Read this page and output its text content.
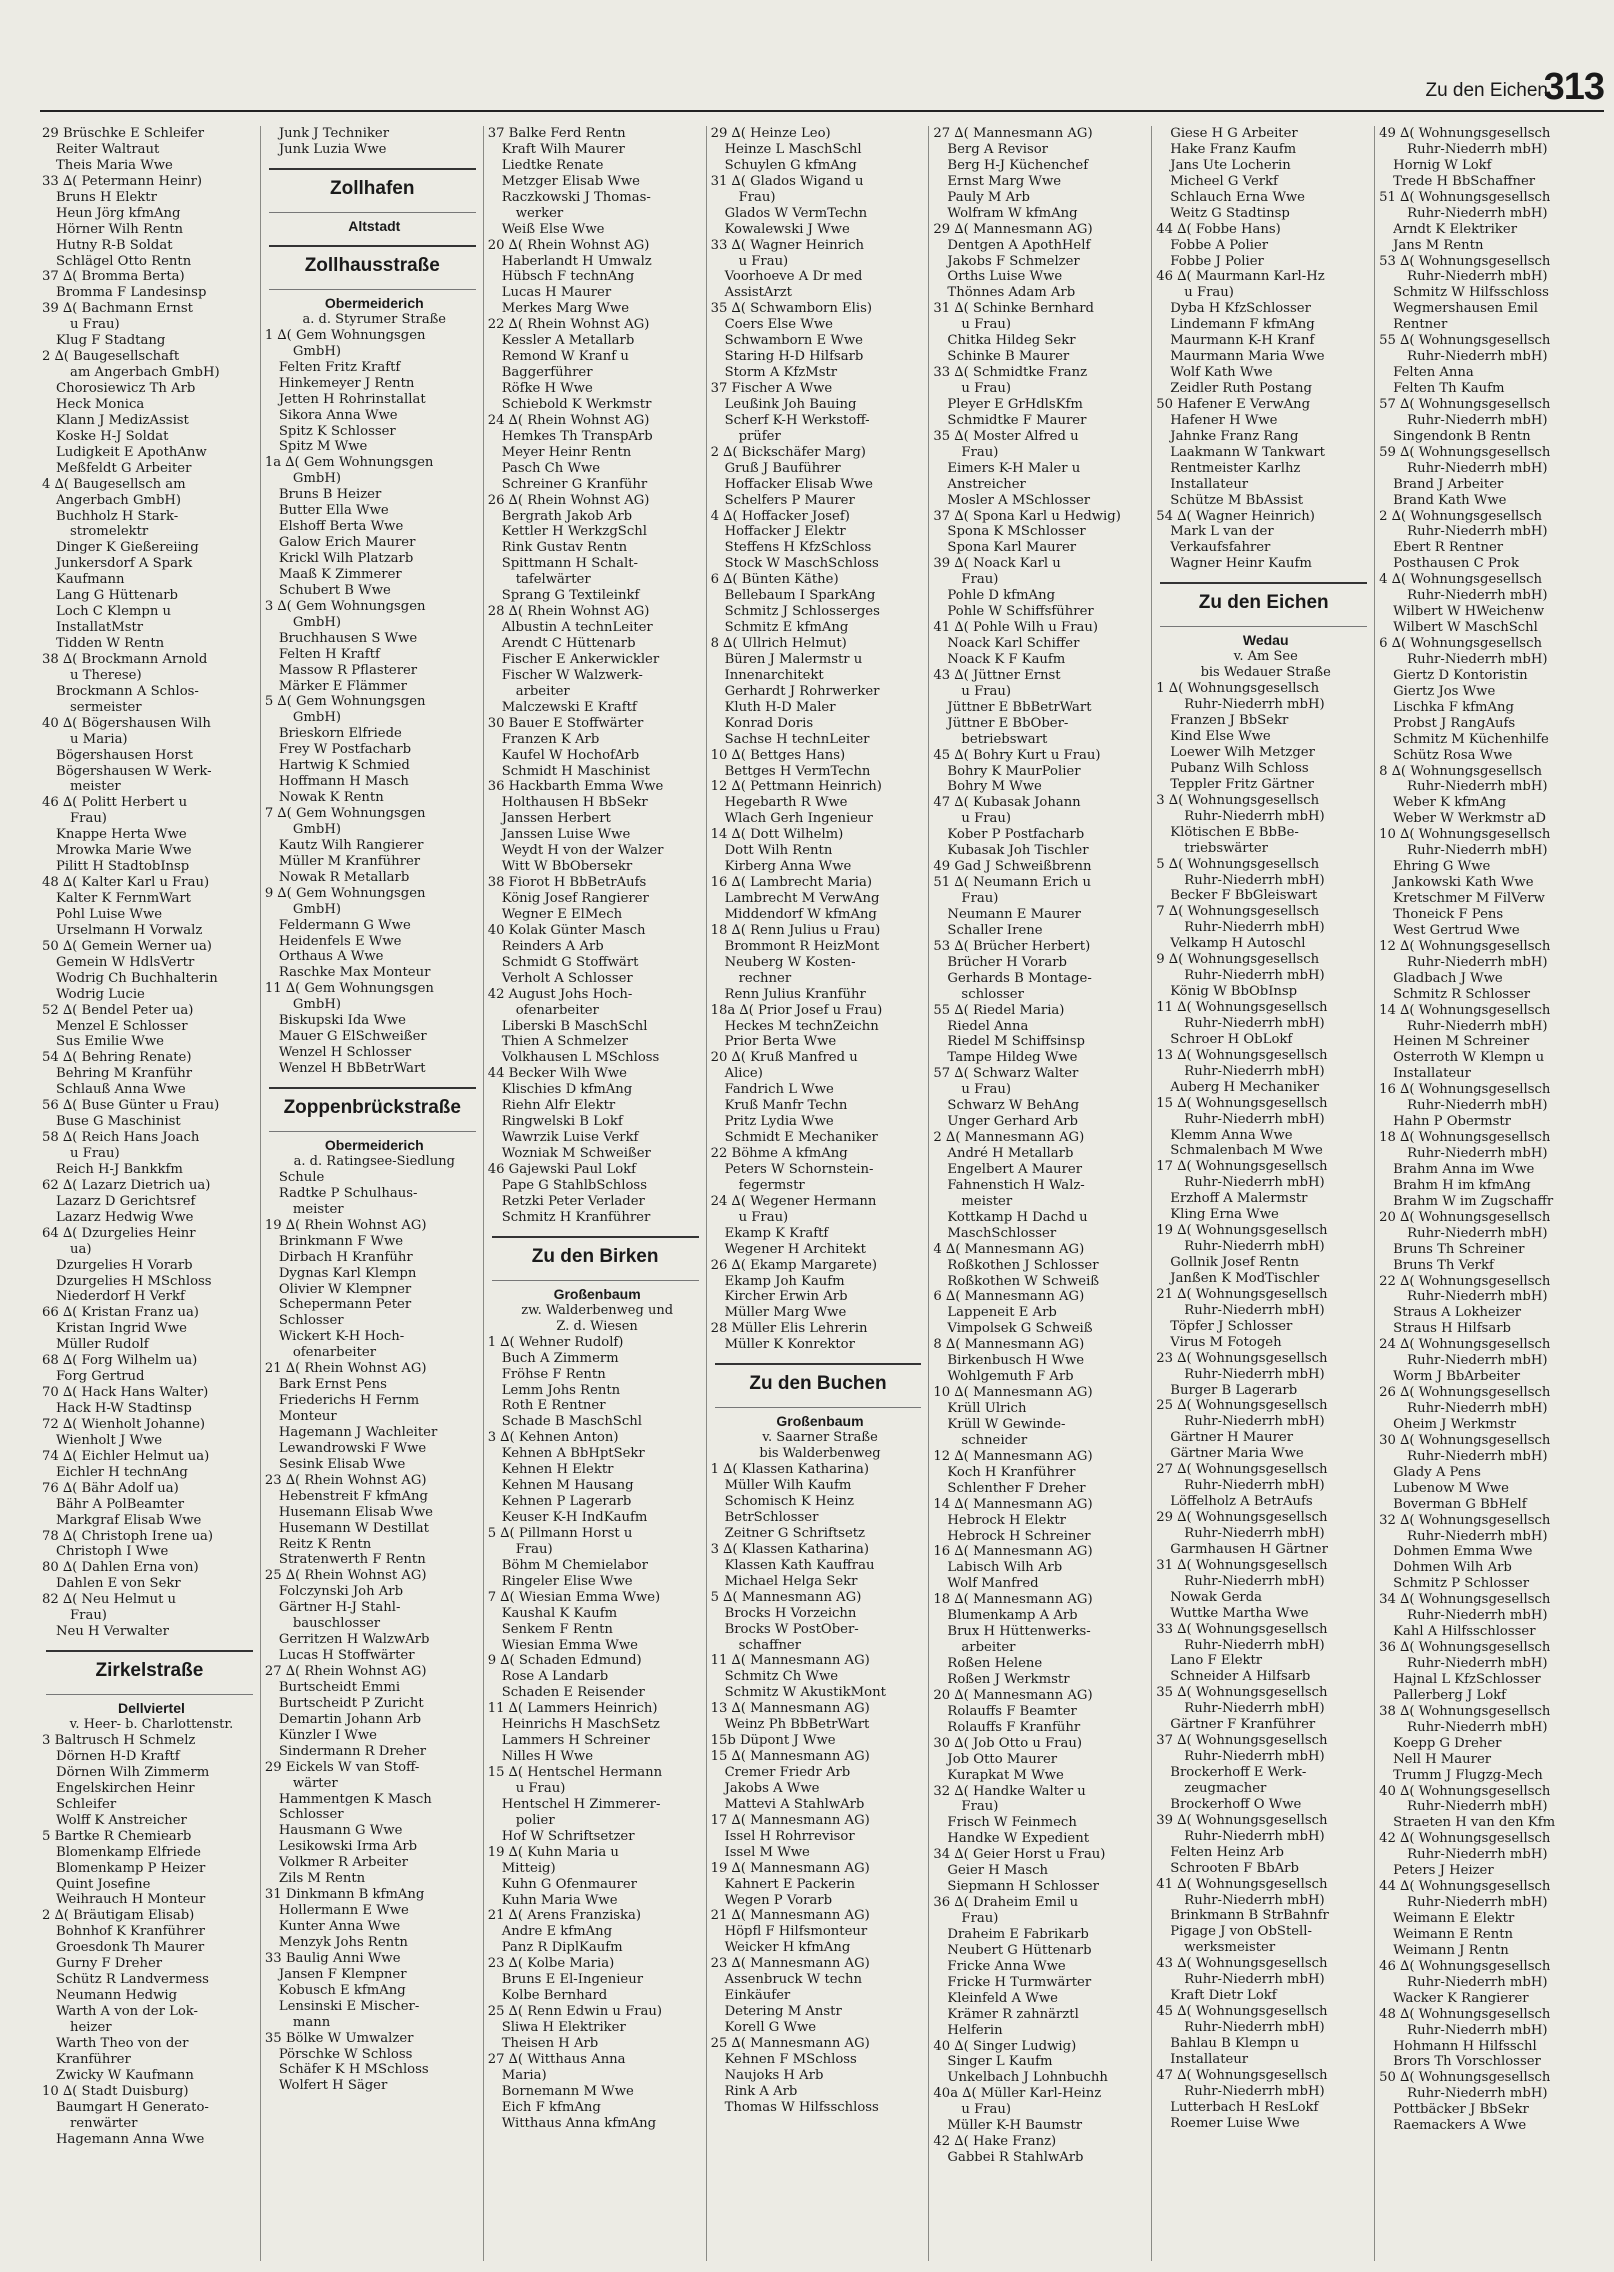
Zu den Eichen
313
29 Brüschke E Schleifer
Reiter Waltraut
Theis Maria Wwe
33 ∆( Petermann Heinr)
Bruns H Elektr
Heun Jörg kfmAng
Hörner Wilh Rentn
Hutny R-B Soldat
Schlägel Otto Rentn
37 ∆( Bromma Berta)
Bromma F Landesinsp
39 ∆( Bachmann Ernst
u Frau)
Klug F Stadtang
2 ∆( Baugesellschaft
am Angerbach GmbH)
Chorosiewicz Th Arb
Heck Monica
Klann J MedizAssist
Koske H-J Soldat
Ludigkeit E ApothAnw
Meßfeldt G Arbeiter
4 ∆( Baugesellsch am
Angerbach GmbH)
Buchholz H Stark-
stromelektr
Dinger K Gießereiing
Junkersdorf A Spark
Kaufmann
Lang G Hüttenarb
Loch C Klempn u
InstallatMstr
Tidden W Rentn
38 ∆( Brockmann Arnold
u Therese)
Brockmann A Schlos-
sermeister
40 ∆( Bögershausen Wilh
u Maria)
Bögershausen Horst
Bögershausen W Werk-
meister
46 ∆( Politt Herbert u
Frau)
Knappe Herta Wwe
Mrowka Marie Wwe
Pilitt H StadtobInsp
48 ∆( Kalter Karl u Frau)
Kalter K FernmWart
Pohl Luise Wwe
Urselmann H Vorwalz
50 ∆( Gemein Werner ua)
Gemein W HdlsVertr
Wodrig Ch Buchhalterin
Wodrig Lucie
52 ∆( Bendel Peter ua)
Menzel E Schlosser
Sus Emilie Wwe
54 ∆( Behring Renate)
Behring M Kranführ
Schlauß Anna Wwe
56 ∆( Buse Günter u Frau)
Buse G Maschinist
58 ∆( Reich Hans Joach
u Frau)
Reich H-J Bankkfm
62 ∆( Lazarz Dietrich ua)
Lazarz D Gerichtsref
Lazarz Hedwig Wwe
64 ∆( Dzurgelies Heinr
ua)
Dzurgelies H Vorarb
Dzurgelies H MSchloss
Niederdorf H Verkf
66 ∆( Kristan Franz ua)
Kristan Ingrid Wwe
Müller Rudolf
68 ∆( Forg Wilhelm ua)
Forg Gertrud
70 ∆( Hack Hans Walter)
Hack H-W Stadtinsp
72 ∆( Wienholt Johanne)
Wienholt J Wwe
74 ∆( Eichler Helmut ua)
Eichler H technAng
76 ∆( Bähr Adolf ua)
Bähr A PolBeamter
Markgraf Elisab Wwe
78 ∆( Christoph Irene ua)
Christoph I Wwe
80 ∆( Dahlen Erna von)
Dahlen E von Sekr
82 ∆( Neu Helmut u
Frau)
Neu H Verwalter
Zirkelstraße
Dellviertel
v. Heer- b. Charlottenstr.
3 Baltrusch H Schmelz
Dörnen H-D Kraftf
Dörnen Wilh Zimmerm
Engelskirchen Heinr
Schleifer
Wolff K Anstreicher
5 Bartke R Chemiearb
Blomenkamp Elfriede
Blomenkamp P Heizer
Quint Josefine
Weihrauch H Monteur
2 ∆( Bräutigam Elisab)
Bohnhof K Kranführer
Groesdonk Th Maurer
Gurny F Dreher
Schütz R Landvermess
Neumann Hedwig
Warth A von der Lok-
heizer
Warth Theo von der
Kranführer
Zwicky W Kaufmann
10 ∆( Stadt Duisburg)
Baumgart H Generato-
renwärter
Hagemann Anna Wwe
Junk J Techniker
Junk Luzia Wwe
Zollhafen
Altstadt
Zollhausstraße
Obermeiderich
a. d. Styrumer Straße
1 ∆( Gem Wohnungsgen
GmbH)
Felten Fritz Kraftf
Hinkemeyer J Rentn
Jetten H Rohrinstallat
Sikora Anna Wwe
Spitz K Schlosser
Spitz M Wwe
1a ∆( Gem Wohnungsgen
GmbH)
Bruns B Heizer
Butter Ella Wwe
Elshoff Berta Wwe
Galow Erich Maurer
Krickl Wilh Platzarb
Maaß K Zimmerer
Schubert B Wwe
3 ∆( Gem Wohnungsgen
GmbH)
Bruchhausen S Wwe
Felten H Kraftf
Massow R Pflasterer
Märker E Flämmer
5 ∆( Gem Wohnungsgen
GmbH)
Brieskorn Elfriede
Frey W Postfacharb
Hartwig K Schmied
Hoffmann H Masch
Nowak K Rentn
7 ∆( Gem Wohnungsgen
GmbH)
Kautz Wilh Rangierer
Müller M Kranführer
Nowak R Metallarb
9 ∆( Gem Wohnungsgen
GmbH)
Feldermann G Wwe
Heidenfels E Wwe
Orthaus A Wwe
Raschke Max Monteur
11 ∆( Gem Wohnungsgen
GmbH)
Biskupski Ida Wwe
Mauer G ElSchweißer
Wenzel H Schlosser
Wenzel H BbBetrWart
Zoppenbrückstraße
Obermeiderich
a. d. Ratingsee-Siedlung
Schule
Radtke P Schulhaus-
meister
19 ∆( Rhein Wohnst AG)
Brinkmann F Wwe
Dirbach H Kranführ
Dygnas Karl Klempn
Olivier W Klempner
Schepermann Peter
Schlosser
Wickert K-H Hoch-
ofenarbeiter
21 ∆( Rhein Wohnst AG)
Bark Ernst Pens
Friederichs H Fernm
Monteur
Hagemann J Wachleiter
Lewandrowski F Wwe
Sesink Elisab Wwe
23 ∆( Rhein Wohnst AG)
Hebenstreit F kfmAng
Husemann Elisab Wwe
Husemann W Destillat
Reitz K Rentn
Stratenwerth F Rentn
25 ∆( Rhein Wohnst AG)
Folczynski Joh Arb
Gärtner H-J Stahl-
bauschlosser
Gerritzen H WalzwArb
Lucas H Stoffwärter
27 ∆( Rhein Wohnst AG)
Burtscheidt Emmi
Burtscheidt P Zuricht
Demartin Johann Arb
Künzler I Wwe
Sindermann R Dreher
29 Eickels W van Stoff-
wärter
Hammentgen K Masch
Schlosser
Hausmann G Wwe
Lesikowski Irma Arb
Volkmer R Arbeiter
Zils M Rentn
31 Dinkmann B kfmAng
Hollermann E Wwe
Kunter Anna Wwe
Menzyk Johs Rentn
33 Baulig Anni Wwe
Jansen F Klempner
Kobusch E kfmAng
Lensinski E Mischer-
mann
35 Bölke W Umwalzer
Pörschke W Schloss
Schäfer K H MSchloss
Wolfert H Säger
37 Balke Ferd Rentn
Kraft Wilh Maurer
Liedtke Renate
Metzger Elisab Wwe
Raczkowski J Thomas-
werker
Weiß Else Wwe
20 ∆( Rhein Wohnst AG)
Haberlandt H Umwalz
Hübsch F technAng
Lucas H Maurer
Merkes Marg Wwe
22 ∆( Rhein Wohnst AG)
Kessler A Metallarb
Remond W Kranf u
Baggerführer
Röfke H Wwe
Schiebold K Werkmstr
24 ∆( Rhein Wohnst AG)
Hemkes Th TranspArb
Meyer Heinr Rentn
Pasch Ch Wwe
Schreiner G Kranführ
26 ∆( Rhein Wohnst AG)
Bergrath Jakob Arb
Kettler H WerkzgSchl
Rink Gustav Rentn
Spittmann H Schalt-
tafelwärter
Sprang G Textileinkf
28 ∆( Rhein Wohnst AG)
Albustin A technLeiter
Arendt C Hüttenarb
Fischer E Ankerwickler
Fischer W Walzwerk-
arbeiter
Malczewski E Kraftf
30 Bauer E Stoffwärter
Franzen K Arb
Kaufel W HochofArb
Schmidt H Maschinist
36 Hackbarth Emma Wwe
Holthausen H BbSekr
Janssen Herbert
Janssen Luise Wwe
Weydt H von der Walzer
Witt W BbObersekr
38 Fiorot H BbBetrAufs
König Josef Rangierer
Wegner E ElMech
40 Kolak Günter Masch
Reinders A Arb
Schmidt G Stoffwärt
Verholt A Schlosser
42 August Johs Hoch-
ofenarbeiter
Liberski B MaschSchl
Thien A Schmelzer
Volkhausen L MSchloss
44 Becker Wilh Wwe
Klischies D kfmAng
Riehn Alfr Elektr
Ringwelski B Lokf
Wawrzik Luise Verkf
Wozniak M Schweißer
46 Gajewski Paul Lokf
Pape G StahlbSchloss
Retzki Peter Verlader
Schmitz H Kranführer
Zu den Birken
Großenbaum
zw. Walderbenweg und
Z. d. Wiesen
1 ∆( Wehner Rudolf)
Buch A Zimmerm
Fröhse F Rentn
Lemm Johs Rentn
Roth E Rentner
Schade B MaschSchl
3 ∆( Kehnen Anton)
Kehnen A BbHptSekr
Kehnen H Elektr
Kehnen M Hausang
Kehnen P Lagerarb
Keuser K-H IndKaufm
5 ∆( Pillmann Horst u
Frau)
Böhm M Chemielabor
Ringeler Elise Wwe
7 ∆( Wiesian Emma Wwe)
Kaushal K Kaufm
Senkem F Rentn
Wiesian Emma Wwe
9 ∆( Schaden Edmund)
Rose A Landarb
Schaden E Reisender
11 ∆( Lammers Heinrich)
Heinrichs H MaschSetz
Lammers H Schreiner
Nilles H Wwe
15 ∆( Hentschel Hermann
u Frau)
Hentschel H Zimmerer-
polier
Hof W Schriftsetzer
19 ∆( Kuhn Maria u
Mitteig)
Kuhn G Ofenmaurer
Kuhn Maria Wwe
21 ∆( Arens Franziska)
Andre E kfmAng
Panz R DiplKaufm
23 ∆( Kolbe Maria)
Bruns E El-Ingenieur
Kolbe Bernhard
25 ∆( Renn Edwin u Frau)
Sliwa H Elektriker
Theisen H Arb
27 ∆( Witthaus Anna
Maria)
Bornemann M Wwe
Eich F kfmAng
Witthaus Anna kfmAng
29 ∆( Heinze Leo)
Heinze L MaschSchl
Schuylen G kfmAng
31 ∆( Glados Wigand u
Frau)
Glados W VermTechn
Kowalewski J Wwe
33 ∆( Wagner Heinrich
u Frau)
Voorhoeve A Dr med
AssistArzt
35 ∆( Schwamborn Elis)
Coers Else Wwe
Schwamborn E Wwe
Staring H-D Hilfsarb
Storm A KfzMstr
37 Fischer A Wwe
Leußink Joh Bauing
Scherf K-H Werkstoff-
prüfer
2 ∆( Bickschäfer Marg)
Gruß J Bauführer
Hoffacker Elisab Wwe
Schelfers P Maurer
4 ∆( Hoffacker Josef)
Hoffacker J Elektr
Steffens H KfzSchloss
Stock W MaschSchloss
6 ∆( Bünten Käthe)
Bellebaum I SparkAng
Schmitz J Schlosserges
Schmitz E kfmAng
8 ∆( Ullrich Helmut)
Büren J Malermstr u
Innenarchitekt
Gerhardt J Rohrwerker
Kluth H-D Maler
Konrad Doris
Sachse H technLeiter
10 ∆( Bettges Hans)
Bettges H VermTechn
12 ∆( Pettmann Heinrich)
Hegebarth R Wwe
Wlach Gerh Ingenieur
14 ∆( Dott Wilhelm)
Dott Wilh Rentn
Kirberg Anna Wwe
16 ∆( Lambrecht Maria)
Lambrecht M VerwAng
Middendorf W kfmAng
18 ∆( Renn Julius u Frau)
Brommont R HeizMont
Neuberg W Kosten-
rechner
Renn Julius Kranführ
18a ∆( Prior Josef u Frau)
Heckes M technZeichn
Prior Berta Wwe
20 ∆( Kruß Manfred u
Alice)
Fandrich L Wwe
Kruß Manfr Techn
Pritz Lydia Wwe
Schmidt E Mechaniker
22 Böhme A kfmAng
Peters W Schornstein-
fegermstr
24 ∆( Wegener Hermann
u Frau)
Ekamp K Kraftf
Wegener H Architekt
26 ∆( Ekamp Margarete)
Ekamp Joh Kaufm
Kircher Erwin Arb
Müller Marg Wwe
28 Müller Elis Lehrerin
Müller K Konrektor
Zu den Buchen
Großenbaum
v. Saarner Straße
bis Walderbenweg
1 ∆( Klassen Katharina)
Müller Wilh Kaufm
Schomisch K Heinz
BetrSchlosser
Zeitner G Schriftsetz
3 ∆( Klassen Katharina)
Klassen Kath Kauffrau
Michael Helga Sekr
5 ∆( Mannesmann AG)
Brocks H Vorzeichn
Brocks W PostOber-
schaffner
11 ∆( Mannesmann AG)
Schmitz Ch Wwe
Schmitz W AkustikMont
13 ∆( Mannesmann AG)
Weinz Ph BbBetrWart
15b Düpont J Wwe
15 ∆( Mannesmann AG)
Cremer Friedr Arb
Jakobs A Wwe
Mattevi A StahlwArb
17 ∆( Mannesmann AG)
Issel H Rohrrevisor
Issel M Wwe
19 ∆( Mannesmann AG)
Kahnert E Packerin
Wegen P Vorarb
21 ∆( Mannesmann AG)
Höpfl F Hilfsmonteur
Weicker H kfmAng
23 ∆( Mannesmann AG)
Assenbruck W techn
Einkäufer
Detering M Anstr
Korell G Wwe
25 ∆( Mannesmann AG)
Kehnen F MSchloss
Naujoks H Arb
Rink A Arb
Thomas W Hilfsschloss
27 ∆( Mannesmann AG)
Berg A Revisor
Berg H-J Küchenchef
Ernst Marg Wwe
Pauly M Arb
Wolfram W kfmAng
29 ∆( Mannesmann AG)
Dentgen A ApothHelf
Jakobs F Schmelzer
Orths Luise Wwe
Thönnes Adam Arb
31 ∆( Schinke Bernhard
u Frau)
Chitka Hildeg Sekr
Schinke B Maurer
33 ∆( Schmidtke Franz
u Frau)
Pleyer E GrHdlsKfm
Schmidtke F Maurer
35 ∆( Moster Alfred u
Frau)
Eimers K-H Maler u
Anstreicher
Mosler A MSchlosser
37 ∆( Spona Karl u Hedwig)
Spona K MSchlosser
Spona Karl Maurer
39 ∆( Noack Karl u
Frau)
Pohle D kfmAng
Pohle W Schiffsführer
41 ∆( Pohle Wilh u Frau)
Noack Karl Schiffer
Noack K F Kaufm
43 ∆( Jüttner Ernst
u Frau)
Jüttner E BbBetrWart
Jüttner E BbOber-
betriebswart
45 ∆( Bohry Kurt u Frau)
Bohry K MaurPolier
Bohry M Wwe
47 ∆( Kubasak Johann
u Frau)
Kober P Postfacharb
Kubasak Joh Tischler
49 Gad J Schweißbrenn
51 ∆( Neumann Erich u
Frau)
Neumann E Maurer
Schaller Irene
53 ∆( Brücher Herbert)
Brücher H Vorarb
Gerhards B Montage-
schlosser
55 ∆( Riedel Maria)
Riedel Anna
Riedel M Schiffsinsp
Tampe Hildeg Wwe
57 ∆( Schwarz Walter
u Frau)
Schwarz W BehAng
Unger Gerhard Arb
2 ∆( Mannesmann AG)
André H Metallarb
Engelbert A Maurer
Fahnenstich H Walz-
meister
Kottkamp H Dachd u
MaschSchlosser
4 ∆( Mannesmann AG)
Roßkothen J Schlosser
Roßkothen W Schweiß
6 ∆( Mannesmann AG)
Lappeneit E Arb
Vimpolsek G Schweiß
8 ∆( Mannesmann AG)
Birkenbusch H Wwe
Wohlgemuth F Arb
10 ∆( Mannesmann AG)
Krüll Ulrich
Krüll W Gewinde-
schneider
12 ∆( Mannesmann AG)
Koch H Kranführer
Schlenther F Dreher
14 ∆( Mannesmann AG)
Hebrock H Elektr
Hebrock H Schreiner
16 ∆( Mannesmann AG)
Labisch Wilh Arb
Wolf Manfred
18 ∆( Mannesmann AG)
Blumenkamp A Arb
Brux H Hüttenwerks-
arbeiter
Roßen Helene
Roßen J Werkmstr
20 ∆( Mannesmann AG)
Rolauffs F Beamter
Rolauffs F Kranführ
30 ∆( Job Otto u Frau)
Job Otto Maurer
Kurapkat M Wwe
32 ∆( Handke Walter u
Frau)
Frisch W Feinmech
Handke W Expedient
34 ∆( Geier Horst u Frau)
Geier H Masch
Siepmann H Schlosser
36 ∆( Draheim Emil u
Frau)
Draheim E Fabrikarb
Neubert G Hüttenarb
Fricke Anna Wwe
Fricke H Turmwärter
Kleinfeld A Wwe
Krämer R zahnärztl
Helferin
40 ∆( Singer Ludwig)
Singer L Kaufm
Unkelbach J Lohnbuchh
40a ∆( Müller Karl-Heinz
u Frau)
Müller K-H Baumstr
42 ∆( Hake Franz)
Gabbei R StahlwArb
Giese H G Arbeiter
Hake Franz Kaufm
Jans Ute Locherin
Micheel G Verkf
Schlauch Erna Wwe
Weitz G Stadtinsp
44 ∆( Fobbe Hans)
Fobbe A Polier
Fobbe J Polier
46 ∆( Maurmann Karl-Hz
u Frau)
Dyba H KfzSchlosser
Lindemann F kfmAng
Maurmann K-H Kranf
Maurmann Maria Wwe
Wolf Kath Wwe
Zeidler Ruth Postang
50 Hafener E VerwAng
Hafener H Wwe
Jahnke Franz Rang
Laakmann W Tankwart
Rentmeister Karlhz
Installateur
Schütze M BbAssist
54 ∆( Wagner Heinrich)
Mark L van der
Verkaufsfahrer
Wagner Heinr Kaufm
Zu den Eichen
Wedau
v. Am See
bis Wedauer Straße
1 ∆( Wohnungsgesellsch
Ruhr-Niederrh mbH)
Franzen J BbSekr
Kind Else Wwe
Loewer Wilh Metzger
Pubanz Wilh Schloss
Teppler Fritz Gärtner
3 ∆( Wohnungsgesellsch
Ruhr-Niederrh mbH)
Klötischen E BbBe-
triebswärter
5 ∆( Wohnungsgesellsch
Ruhr-Niederrh mbH)
Becker F BbGleiswart
7 ∆( Wohnungsgesellsch
Ruhr-Niederrh mbH)
Velkamp H Autoschl
9 ∆( Wohnungsgesellsch
Ruhr-Niederrh mbH)
König W BbObInsp
11 ∆( Wohnungsgesellsch
Ruhr-Niederrh mbH)
Schroer H ObLokf
13 ∆( Wohnungsgesellsch
Ruhr-Niederrh mbH)
Auberg H Mechaniker
15 ∆( Wohnungsgesellsch
Ruhr-Niederrh mbH)
Klemm Anna Wwe
Schmalenbach M Wwe
17 ∆( Wohnungsgesellsch
Ruhr-Niederrh mbH)
Erzhoff A Malermstr
Kling Erna Wwe
19 ∆( Wohnungsgesellsch
Ruhr-Niederrh mbH)
Gollnik Josef Rentn
Janßen K ModTischler
21 ∆( Wohnungsgesellsch
Ruhr-Niederrh mbH)
Töpfer J Schlosser
Virus M Fotogeh
23 ∆( Wohnungsgesellsch
Ruhr-Niederrh mbH)
Burger B Lagerarb
25 ∆( Wohnungsgesellsch
Ruhr-Niederrh mbH)
Gärtner H Maurer
Gärtner Maria Wwe
27 ∆( Wohnungsgesellsch
Ruhr-Niederrh mbH)
Löffelholz A BetrAufs
29 ∆( Wohnungsgesellsch
Ruhr-Niederrh mbH)
Garmhausen H Gärtner
31 ∆( Wohnungsgesellsch
Ruhr-Niederrh mbH)
Nowak Gerda
Wuttke Martha Wwe
33 ∆( Wohnungsgesellsch
Ruhr-Niederrh mbH)
Lano F Elektr
Schneider A Hilfsarb
35 ∆( Wohnungsgesellsch
Ruhr-Niederrh mbH)
Gärtner F Kranführer
37 ∆( Wohnungsgesellsch
Ruhr-Niederrh mbH)
Brockerhoff E Werk-
zeugmacher
Brockerhoff O Wwe
39 ∆( Wohnungsgesellsch
Ruhr-Niederrh mbH)
Felten Heinz Arb
Schrooten F BbArb
41 ∆( Wohnungsgesellsch
Ruhr-Niederrh mbH)
Brinkmann B StrBahnfr
Pigage J von ObStell-
werksmeister
43 ∆( Wohnungsgesellsch
Ruhr-Niederrh mbH)
Kraft Dietr Lokf
45 ∆( Wohnungsgesellsch
Ruhr-Niederrh mbH)
Bahlau B Klempn u
Installateur
47 ∆( Wohnungsgesellsch
Ruhr-Niederrh mbH)
Lutterbach H ResLokf
Roemer Luise Wwe
49 ∆( Wohnungsgesellsch
Ruhr-Niederrh mbH)
Hornig W Lokf
Trede H BbSchaffner
51 ∆( Wohnungsgesellsch
Ruhr-Niederrh mbH)
Arndt K Elektriker
Jans M Rentn
53 ∆( Wohnungsgesellsch
Ruhr-Niederrh mbH)
Schmitz W Hilfsschloss
Wegmershausen Emil
Rentner
55 ∆( Wohnungsgesellsch
Ruhr-Niederrh mbH)
Felten Anna
Felten Th Kaufm
57 ∆( Wohnungsgesellsch
Ruhr-Niederrh mbH)
Singendonk B Rentn
59 ∆( Wohnungsgesellsch
Ruhr-Niederrh mbH)
Brand J Arbeiter
Brand Kath Wwe
2 ∆( Wohnungsgesellsch
Ruhr-Niederrh mbH)
Ebert R Rentner
Posthausen C Prok
4 ∆( Wohnungsgesellsch
Ruhr-Niederrh mbH)
Wilbert W HWeichenw
Wilbert W MaschSchl
6 ∆( Wohnungsgesellsch
Ruhr-Niederrh mbH)
Giertz D Kontoristin
Giertz Jos Wwe
Lischka F kfmAng
Probst J RangAufs
Schmitz M Küchenhilfe
Schütz Rosa Wwe
8 ∆( Wohnungsgesellsch
Ruhr-Niederrh mbH)
Weber K kfmAng
Weber W Werkmstr aD
10 ∆( Wohnungsgesellsch
Ruhr-Niederrh mbH)
Ehring G Wwe
Jankowski Kath Wwe
Kretschmer M FilVerw
Thoneick F Pens
West Gertrud Wwe
12 ∆( Wohnungsgesellsch
Ruhr-Niederrh mbH)
Gladbach J Wwe
Schmitz R Schlosser
14 ∆( Wohnungsgesellsch
Ruhr-Niederrh mbH)
Heinen M Schreiner
Osterroth W Klempn u
Installateur
16 ∆( Wohnungsgesellsch
Ruhr-Niederrh mbH)
Hahn P Obermstr
18 ∆( Wohnungsgesellsch
Ruhr-Niederrh mbH)
Brahm Anna im Wwe
Brahm H im kfmAng
Brahm W im Zugschaffr
20 ∆( Wohnungsgesellsch
Ruhr-Niederrh mbH)
Bruns Th Schreiner
Bruns Th Verkf
22 ∆( Wohnungsgesellsch
Ruhr-Niederrh mbH)
Straus A Lokheizer
Straus H Hilfsarb
24 ∆( Wohnungsgesellsch
Ruhr-Niederrh mbH)
Worm J BbArbeiter
26 ∆( Wohnungsgesellsch
Ruhr-Niederrh mbH)
Oheim J Werkmstr
30 ∆( Wohnungsgesellsch
Ruhr-Niederrh mbH)
Glady A Pens
Lubenow M Wwe
Boverman G BbHelf
32 ∆( Wohnungsgesellsch
Ruhr-Niederrh mbH)
Dohmen Emma Wwe
Dohmen Wilh Arb
Schmitz P Schlosser
34 ∆( Wohnungsgesellsch
Ruhr-Niederrh mbH)
Kahl A Hilfsschlosser
36 ∆( Wohnungsgesellsch
Ruhr-Niederrh mbH)
Hajnal L KfzSchlosser
Pallerberg J Lokf
38 ∆( Wohnungsgesellsch
Ruhr-Niederrh mbH)
Koepp G Dreher
Nell H Maurer
Trumm J Flugzg-Mech
40 ∆( Wohnungsgesellsch
Ruhr-Niederrh mbH)
Straeten H van den Kfm
42 ∆( Wohnungsgesellsch
Ruhr-Niederrh mbH)
Peters J Heizer
44 ∆( Wohnungsgesellsch
Ruhr-Niederrh mbH)
Weimann E Elektr
Weimann E Rentn
Weimann J Rentn
46 ∆( Wohnungsgesellsch
Ruhr-Niederrh mbH)
Wacker K Rangierer
48 ∆( Wohnungsgesellsch
Ruhr-Niederrh mbH)
Hohmann H Hilfsschl
Brors Th Vorschlosser
50 ∆( Wohnungsgesellsch
Ruhr-Niederrh mbH)
Pottbäcker J BbSekr
Raemackers A Wwe
